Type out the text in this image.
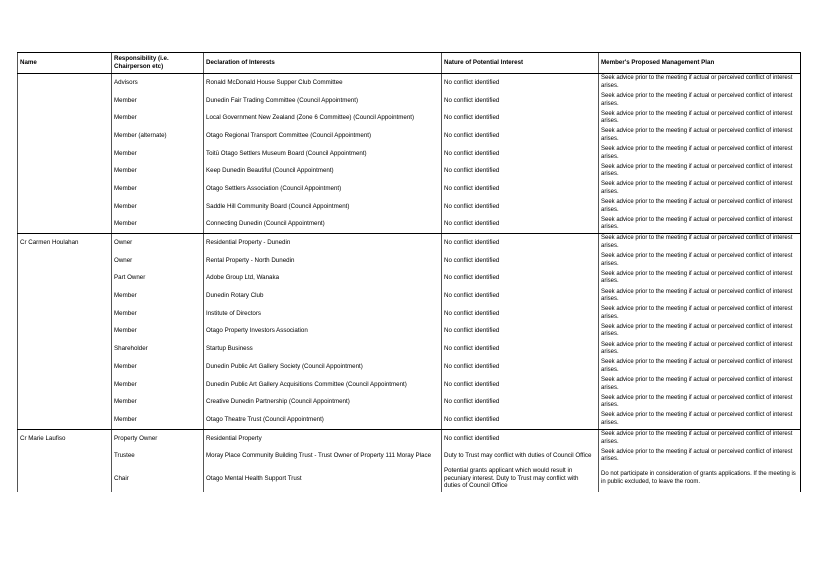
Name	Responsibility (i.e. Chairperson etc)	Declaration of Interests	Nature of Potential Interest	Member's Proposed Management Plan
	Advisors	Ronald McDonald House Supper Club Committee	No conflict identified	Seek advice prior to the meeting if actual or perceived conflict of interest arises.
	Member	Dunedin Fair Trading Committee (Council Appointment)	No conflict identified	Seek advice prior to the meeting if actual or perceived conflict of interest arises.
	Member	Local Government New Zealand (Zone 6 Committee) (Council Appointment)	No conflict identified	Seek advice prior to the meeting if actual or perceived conflict of interest arises.
	Member (alternate)	Otago Regional Transport Committee (Council Appointment)	No conflict identified	Seek advice prior to the meeting if actual or perceived conflict of interest arises.
	Member	Toitū Otago Settlers Museum Board (Council Appointment)	No conflict identified	Seek advice prior to the meeting if actual or perceived conflict of interest arises.
	Member	Keep Dunedin Beautiful (Council Appointment)	No conflict identified	Seek advice prior to the meeting if actual or perceived conflict of interest arises.
	Member	Otago Settlers Association (Council Appointment)	No conflict identified	Seek advice prior to the meeting if actual or perceived conflict of interest arises.
	Member	Saddle Hill Community Board (Council Appointment)	No conflict identified	Seek advice prior to the meeting if actual or perceived conflict of interest arises.
	Member	Connecting Dunedin (Council Appointment)	No conflict identified	Seek advice prior to the meeting if actual or perceived conflict of interest arises.
Cr Carmen Houlahan	Owner	Residential Property - Dunedin	No conflict identified	Seek advice prior to the meeting if actual or perceived conflict of interest arises.
	Owner	Rental Property - North Dunedin	No conflict identified	Seek advice prior to the meeting if actual or perceived conflict of interest arises.
	Part Owner	Adobe Group Ltd, Wanaka	No conflict identified	Seek advice prior to the meeting if actual or perceived conflict of interest arises.
	Member	Dunedin Rotary Club	No conflict identified	Seek advice prior to the meeting if actual or perceived conflict of interest arises.
	Member	Institute of Directors	No conflict identified	Seek advice prior to the meeting if actual or perceived conflict of interest arises.
	Member	Otago Property Investors Association	No conflict identified	Seek advice prior to the meeting if actual or perceived conflict of interest arises.
	Shareholder	Startup Business	No conflict identified	Seek advice prior to the meeting if actual or perceived conflict of interest arises.
	Member	Dunedin Public Art Gallery Society (Council Appointment)	No conflict identified	Seek advice prior to the meeting if actual or perceived conflict of interest arises.
	Member	Dunedin Public Art Gallery Acquisitions Committee (Council Appointment)	No conflict identified	Seek advice prior to the meeting if actual or perceived conflict of interest arises.
	Member	Creative Dunedin Partnership (Council Appointment)	No conflict identified	Seek advice prior to the meeting if actual or perceived conflict of interest arises.
	Member	Otago Theatre Trust (Council Appointment)	No conflict identified	Seek advice prior to the meeting if actual or perceived conflict of interest arises.
Cr Marie Laufiso	Property Owner	Residential Property	No conflict identified	Seek advice prior to the meeting if actual or perceived conflict of interest arises.
	Trustee	Moray Place Community Building Trust - Trust Owner of Property 111 Moray Place	Duty to Trust may conflict with duties of Council Office	Seek advice prior to the meeting if actual or perceived conflict of interest arises.
	Chair	Otago Mental Health Support Trust	Potential grants applicant which would result in pecuniary interest. Duty to Trust may conflict with duties of Council Office	Do not participate in consideration of grants applications. If the meeting is in public excluded, to leave the room.
